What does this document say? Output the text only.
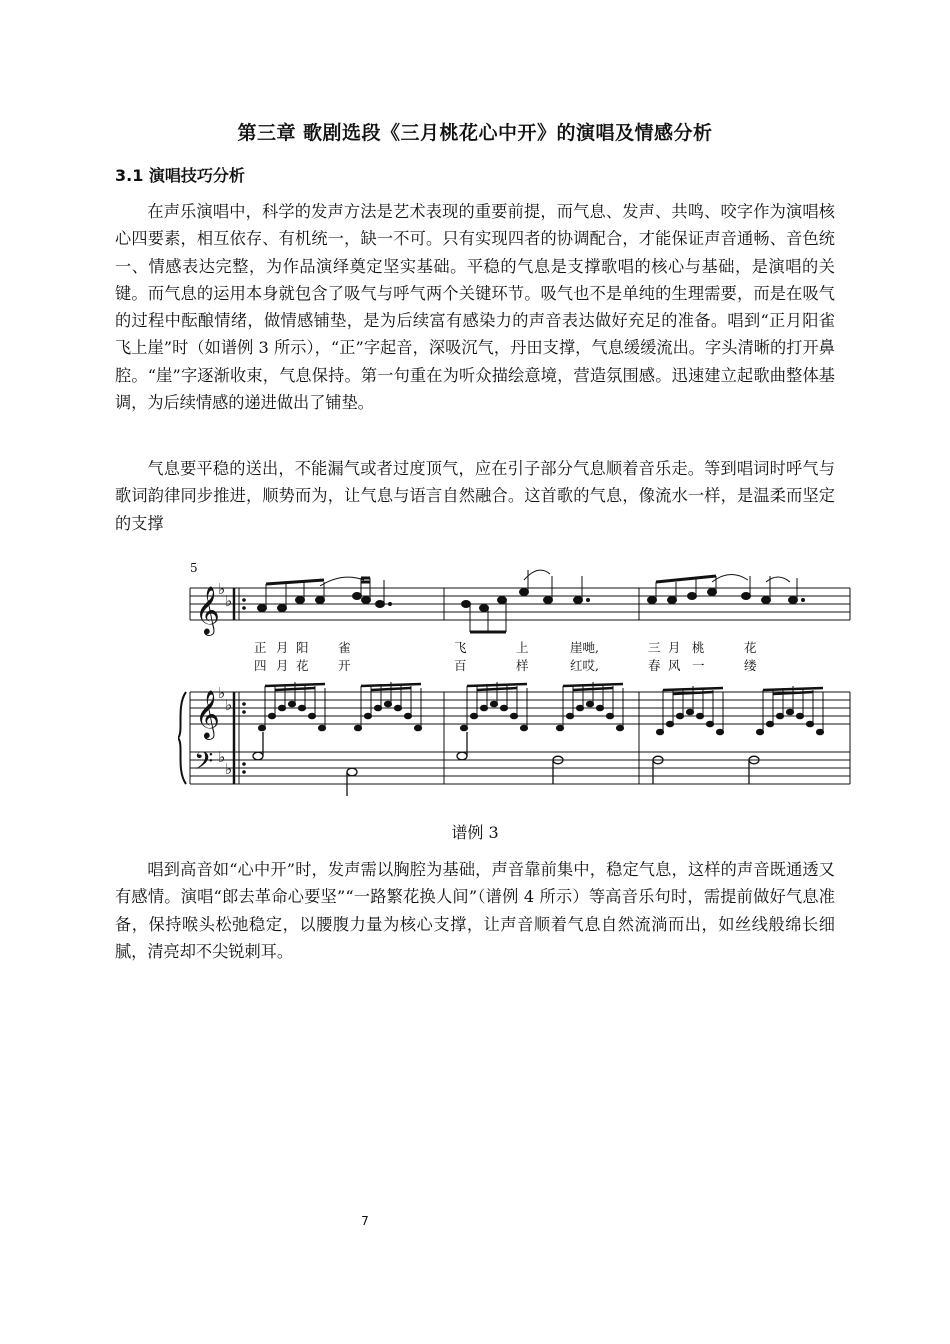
第三章 歌剧选段《三月桃花心中开》的演唱及情感分析
3.1 演唱技巧分析

在声乐演唱中，科学的发声方法是艺术表现的重要前提，而气息、发声、共鸣、咬字作为演唱核心四要素，相互依存、有机统一，缺一不可。只有实现四者的协调配合，才能保证声音通畅、音色统一、情感表达完整，为作品演绎奠定坚实基础。平稳的气息是支撑歌唱的核心与基础，是演唱的关键。而气息的运用本身就包含了吸气与呼气两个关键环节。吸气也不是单纯的生理需要，而是在吸气的过程中酝酿情绪，做情感铺垫，是为后续富有感染力的声音表达做好充足的准备。唱到“正月阳雀飞上崖”时（如谱例 3 所示），“正”字起音，深吸沉气，丹田支撑，气息缓缓流出。字头清晰的打开鼻腔。“崖”字逐渐收束，气息保持。第一句重在为听众描绘意境，营造氛围感。迅速建立起歌曲整体基调，为后续情感的递进做出了铺垫。

气息要平稳的送出，不能漏气或者过度顶气，应在引子部分气息顺着音乐走。等到唱词时呼气与歌词韵律同步推进，顺势而为，让气息与语言自然融合。这首歌的气息，像流水一样，是温柔而坚定的支撑

𝄞
𝄞
𝄢
♭
♭
♭
♭
♭
♭
5
正 月 阳 雀	飞	上	崖哋,	三 月 桃	花
四 月 花 开	百	样	红哎,	春 风 一	缕
谱例 3

唱到高音如“心中开”时，发声需以胸腔为基础，声音靠前集中，稳定气息，这样的声音既通透又有感情。演唱“郎去革命心要坚”“一路繁花换人间”（谱例 4 所示）等高音乐句时，需提前做好气息准备，保持喉头松弛稳定，以腰腹力量为核心支撑，让声音顺着气息自然流淌而出，如丝线般绵长细腻，清亮却不尖锐刺耳。

7
